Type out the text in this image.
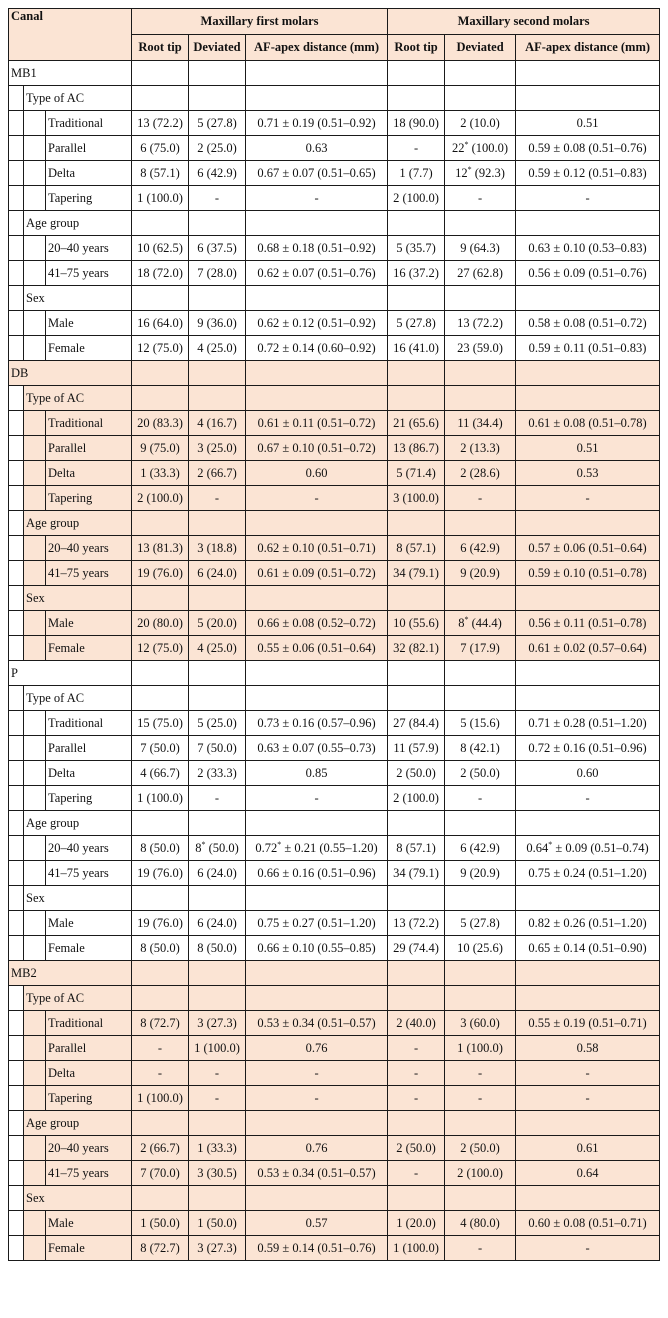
Canal			Maxillary first molars			Maxillary second molars		
			Root tip	Deviated	AF-apex distance (mm)	Root tip	Deviated	AF-apex distance (mm)
MB1								
	Type of AC							
		Traditional	13 (72.2)	5 (27.8)	0.71 ± 0.19 (0.51–0.92)	18 (90.0)	2 (10.0)	0.51
		Parallel	6 (75.0)	2 (25.0)	0.63	-	22* (100.0)	0.59 ± 0.08 (0.51–0.76)
		Delta	8 (57.1)	6 (42.9)	0.67 ± 0.07 (0.51–0.65)	1 (7.7)	12* (92.3)	0.59 ± 0.12 (0.51–0.83)
		Tapering	1 (100.0)	-	-	2 (100.0)	-	-
	Age group							
		20–40 years	10 (62.5)	6 (37.5)	0.68 ± 0.18 (0.51–0.92)	5 (35.7)	9 (64.3)	0.63 ± 0.10 (0.53–0.83)
		41–75 years	18 (72.0)	7 (28.0)	0.62 ± 0.07 (0.51–0.76)	16 (37.2)	27 (62.8)	0.56 ± 0.09 (0.51–0.76)
	Sex							
		Male	16 (64.0)	9 (36.0)	0.62 ± 0.12 (0.51–0.92)	5 (27.8)	13 (72.2)	0.58 ± 0.08 (0.51–0.72)
		Female	12 (75.0)	4 (25.0)	0.72 ± 0.14 (0.60–0.92)	16 (41.0)	23 (59.0)	0.59 ± 0.11 (0.51–0.83)
DB								
	Type of AC							
		Traditional	20 (83.3)	4 (16.7)	0.61 ± 0.11 (0.51–0.72)	21 (65.6)	11 (34.4)	0.61 ± 0.08 (0.51–0.78)
		Parallel	9 (75.0)	3 (25.0)	0.67 ± 0.10 (0.51–0.72)	13 (86.7)	2 (13.3)	0.51
		Delta	1 (33.3)	2 (66.7)	0.60	5 (71.4)	2 (28.6)	0.53
		Tapering	2 (100.0)	-	-	3 (100.0)	-	-
	Age group							
		20–40 years	13 (81.3)	3 (18.8)	0.62 ± 0.10 (0.51–0.71)	8 (57.1)	6 (42.9)	0.57 ± 0.06 (0.51–0.64)
		41–75 years	19 (76.0)	6 (24.0)	0.61 ± 0.09 (0.51–0.72)	34 (79.1)	9 (20.9)	0.59 ± 0.10 (0.51–0.78)
	Sex							
		Male	20 (80.0)	5 (20.0)	0.66 ± 0.08 (0.52–0.72)	10 (55.6)	8* (44.4)	0.56 ± 0.11 (0.51–0.78)
		Female	12 (75.0)	4 (25.0)	0.55 ± 0.06 (0.51–0.64)	32 (82.1)	7 (17.9)	0.61 ± 0.02 (0.57–0.64)
P								
	Type of AC							
		Traditional	15 (75.0)	5 (25.0)	0.73 ± 0.16 (0.57–0.96)	27 (84.4)	5 (15.6)	0.71 ± 0.28 (0.51–1.20)
		Parallel	7 (50.0)	7 (50.0)	0.63 ± 0.07 (0.55–0.73)	11 (57.9)	8 (42.1)	0.72 ± 0.16 (0.51–0.96)
		Delta	4 (66.7)	2 (33.3)	0.85	2 (50.0)	2 (50.0)	0.60
		Tapering	1 (100.0)	-	-	2 (100.0)	-	-
	Age group							
		20–40 years	8 (50.0)	8* (50.0)	0.72* ± 0.21 (0.55–1.20)	8 (57.1)	6 (42.9)	0.64* ± 0.09 (0.51–0.74)
		41–75 years	19 (76.0)	6 (24.0)	0.66 ± 0.16 (0.51–0.96)	34 (79.1)	9 (20.9)	0.75 ± 0.24 (0.51–1.20)
	Sex							
		Male	19 (76.0)	6 (24.0)	0.75 ± 0.27 (0.51–1.20)	13 (72.2)	5 (27.8)	0.82 ± 0.26 (0.51–1.20)
		Female	8 (50.0)	8 (50.0)	0.66 ± 0.10 (0.55–0.85)	29 (74.4)	10 (25.6)	0.65 ± 0.14 (0.51–0.90)
MB2								
	Type of AC							
		Traditional	8 (72.7)	3 (27.3)	0.53 ± 0.34 (0.51–0.57)	2 (40.0)	3 (60.0)	0.55 ± 0.19 (0.51–0.71)
		Parallel	-	1 (100.0)	0.76	-	1 (100.0)	0.58
		Delta	-	-	-	-	-	-
		Tapering	1 (100.0)	-	-	-	-	-
	Age group							
		20–40 years	2 (66.7)	1 (33.3)	0.76	2 (50.0)	2 (50.0)	0.61
		41–75 years	7 (70.0)	3 (30.5)	0.53 ± 0.34 (0.51–0.57)	-	2 (100.0)	0.64
	Sex							
		Male	1 (50.0)	1 (50.0)	0.57	1 (20.0)	4 (80.0)	0.60 ± 0.08 (0.51–0.71)
		Female	8 (72.7)	3 (27.3)	0.59 ± 0.14 (0.51–0.76)	1 (100.0)	-	-
